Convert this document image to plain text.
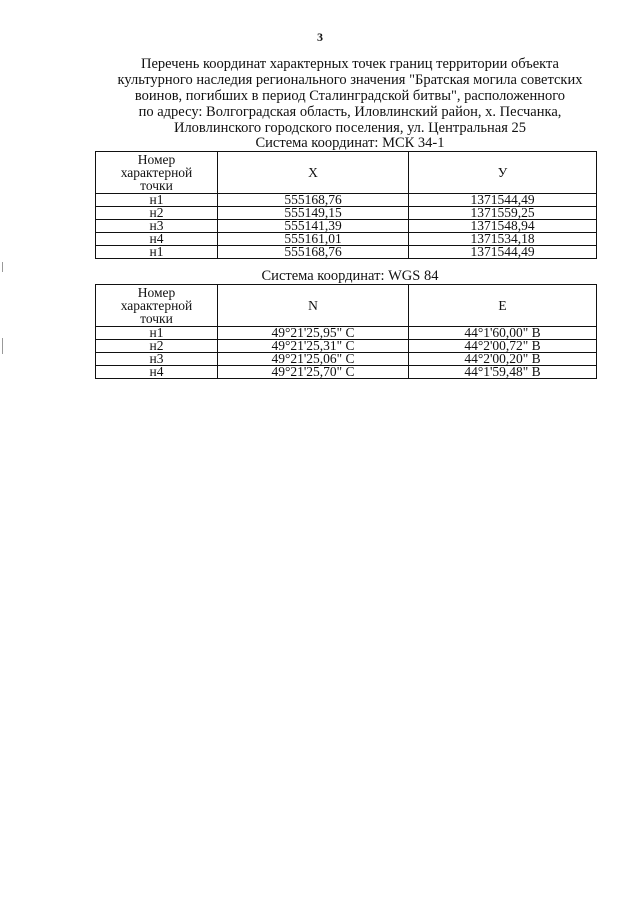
3
Перечень координат характерных точек границ территории объекта
культурного наследия регионального значения "Братская могила советских
воинов, погибших в период Сталинградской битвы", расположенного
по адресу: Волгоградская область, Иловлинский район, х. Песчанка,
Иловлинского городского поселения, ул. Центральная 25
Система координат: МСК 34-1
Номер
характерной
точки	X	У
н1	555168,76	1371544,49
н2	555149,15	1371559,25
н3	555141,39	1371548,94
н4	555161,01	1371534,18
н1	555168,76	1371544,49
Система координат: WGS 84
Номер
характерной
точки	N	E
н1	49°21'25,95" С	44°1'60,00" В
н2	49°21'25,31" С	44°2'00,72" В
н3	49°21'25,06" С	44°2'00,20" В
н4	49°21'25,70" С	44°1'59,48" В
